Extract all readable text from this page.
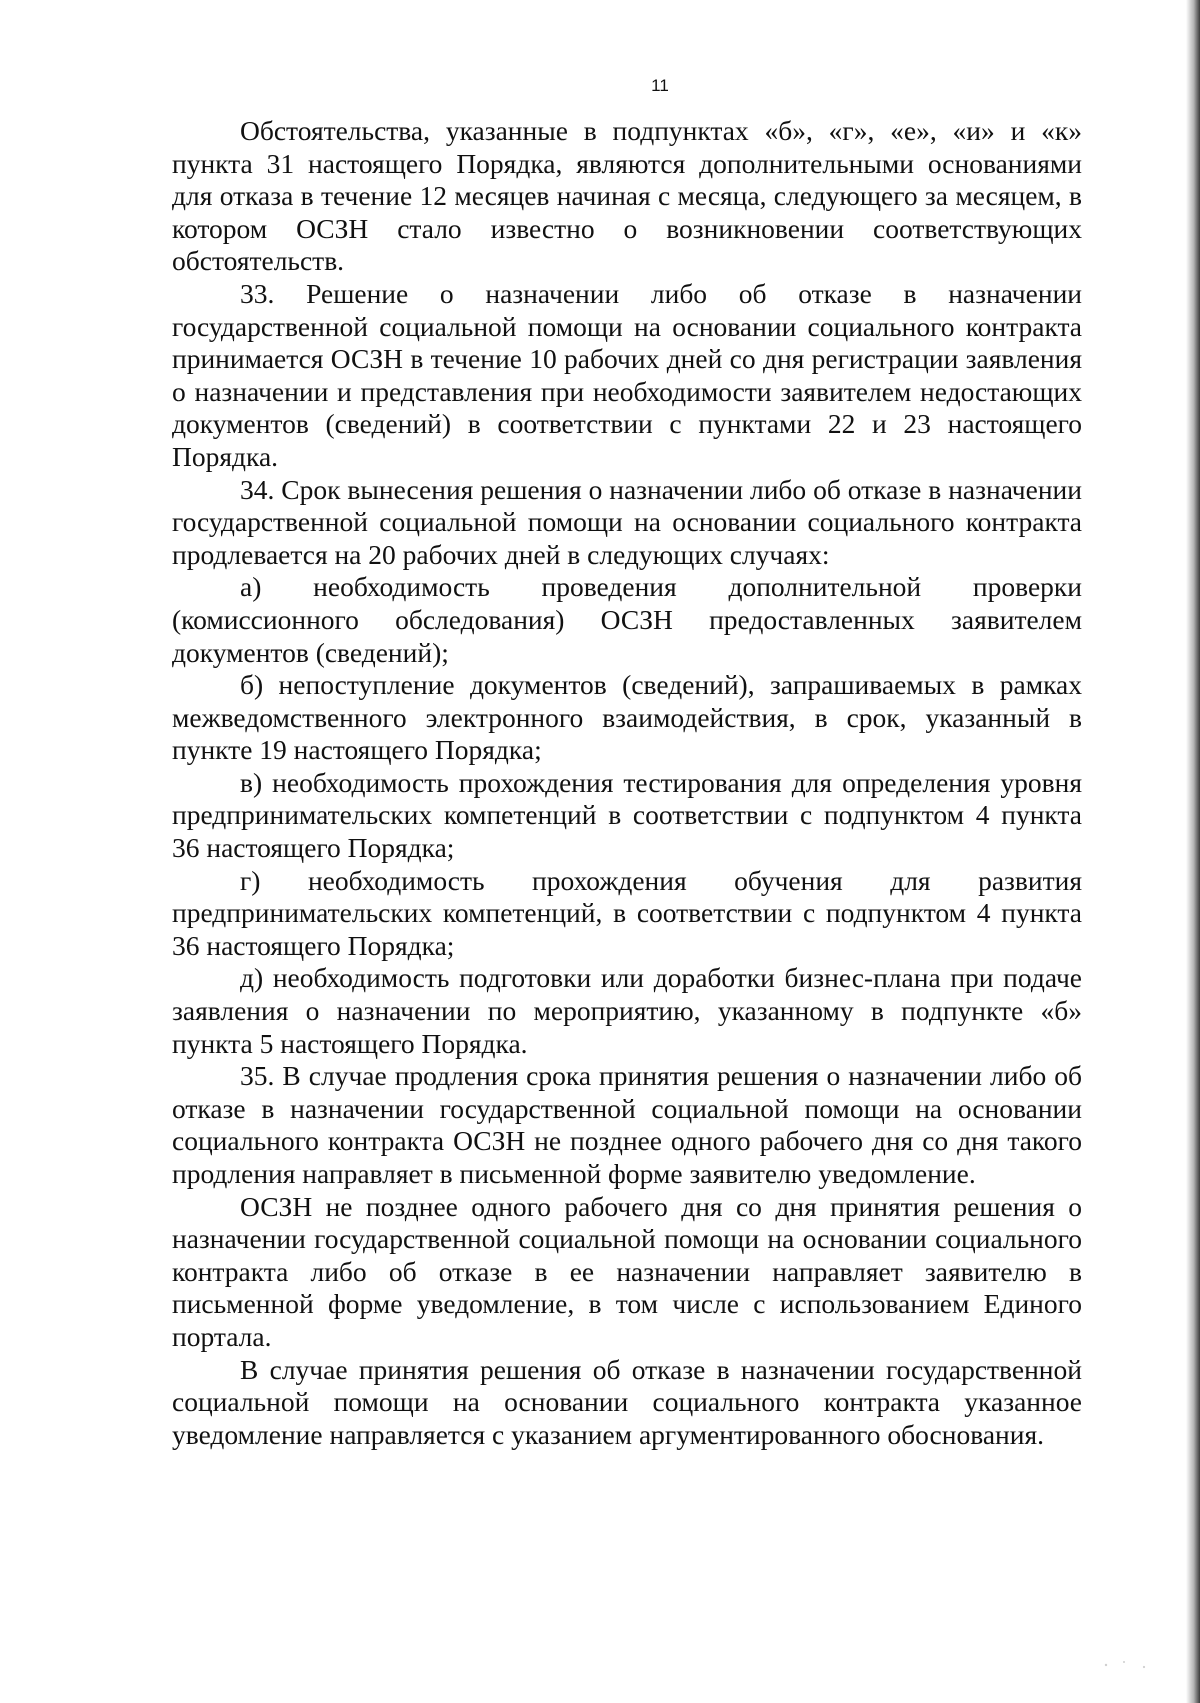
11

Обстоятельства, указанные в подпунктах «б», «г», «е», «и» и «к» пункта 31 настоящего Порядка, являются дополнительными основаниями для отказа в течение 12 месяцев начиная с месяца, следующего за месяцем, в котором ОСЗН стало известно о возникновении соответствующих обстоятельств.

33. Решение о назначении либо об отказе в назначении государственной социальной помощи на основании социального контракта принимается ОСЗН в течение 10 рабочих дней со дня регистрации заявления о назначении и представления при необходимости заявителем недостающих документов (сведений) в соответствии с пунктами 22 и 23 настоящего Порядка.

34. Срок вынесения решения о назначении либо об отказе в назначении государственной социальной помощи на основании социального контракта продлевается на 20 рабочих дней в следующих случаях:

а) необходимость проведения дополнительной проверки (комиссионного обследования) ОСЗН предоставленных заявителем документов (сведений);

б) непоступление документов (сведений), запрашиваемых в рамках межведомственного электронного взаимодействия, в срок, указанный в пункте 19 настоящего Порядка;

в) необходимость прохождения тестирования для определения уровня предпринимательских компетенций в соответствии с подпунктом 4 пункта 36 настоящего Порядка;

г) необходимость прохождения обучения для развития предпринимательских компетенций, в соответствии с подпунктом 4 пункта 36 настоящего Порядка;

д) необходимость подготовки или доработки бизнес-плана при подаче заявления о назначении по мероприятию, указанному в подпункте «б» пункта 5 настоящего Порядка.

35. В случае продления срока принятия решения о назначении либо об отказе в назначении государственной социальной помощи на основании социального контракта ОСЗН не позднее одного рабочего дня со дня такого продления направляет в письменной форме заявителю уведомление.

ОСЗН не позднее одного рабочего дня со дня принятия решения о назначении государственной социальной помощи на основании социального контракта либо об отказе в ее назначении направляет заявителю в письменной форме уведомление, в том числе с использованием Единого портала.

В случае принятия решения об отказе в назначении государственной социальной помощи на основании социального контракта указанное уведомление направляется с указанием аргументированного обоснования.
